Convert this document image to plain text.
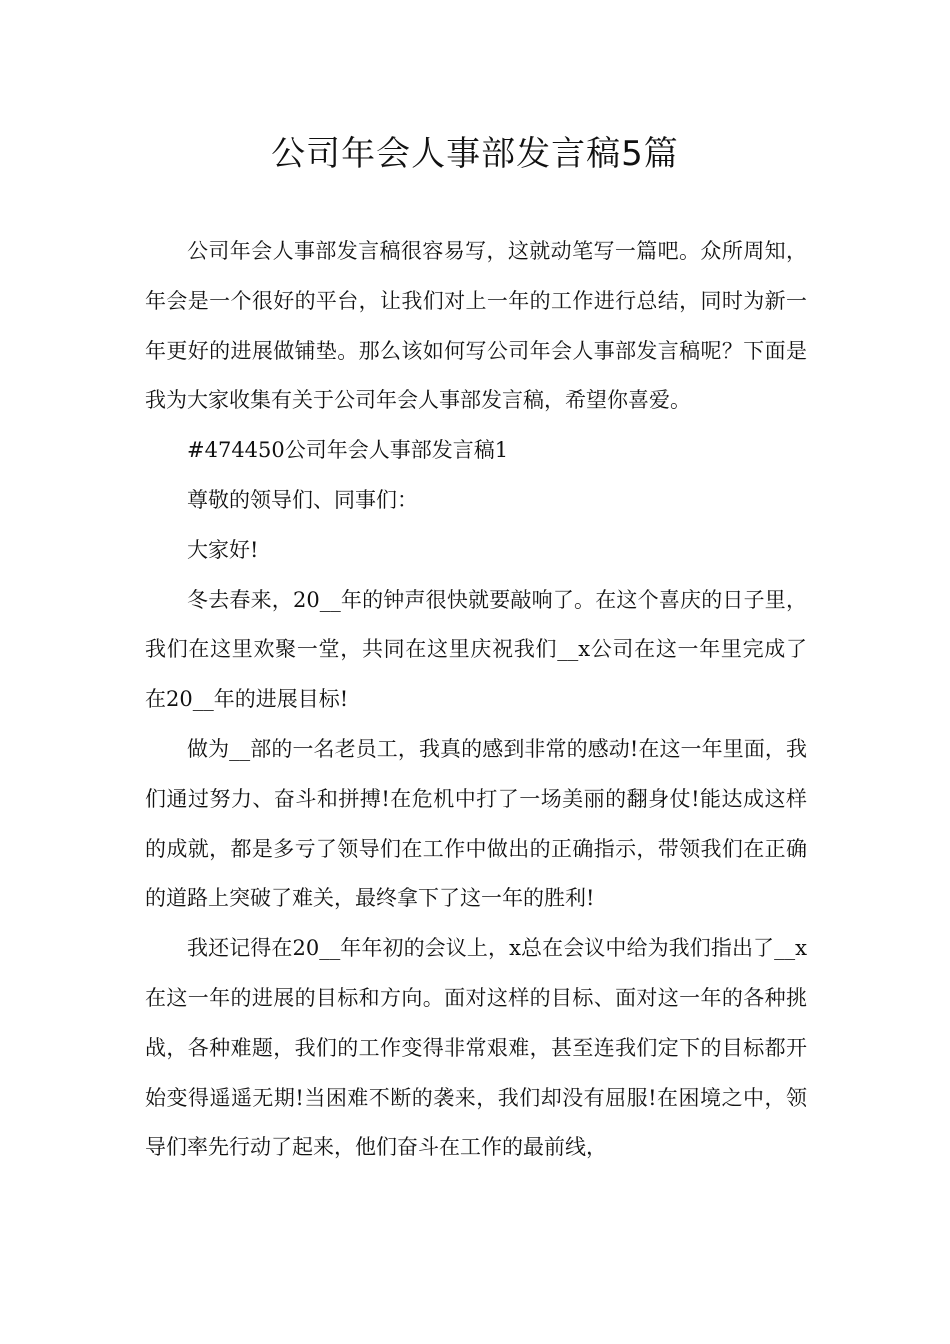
公司年会人事部发言稿5篇

公司年会人事部发言稿很容易写，这就动笔写一篇吧。众所周知，年会是一个很好的平台，让我们对上一年的工作进行总结，同时为新一年更好的进展做铺垫。那么该如何写公司年会人事部发言稿呢？下面是我为大家收集有关于公司年会人事部发言稿，希望你喜爱。

#474450公司年会人事部发言稿1

尊敬的领导们、同事们：

大家好!

冬去春来，20__年的钟声很快就要敲响了。在这个喜庆的日子里，我们在这里欢聚一堂，共同在这里庆祝我们__x公司在这一年里完成了在20__年的进展目标!

做为__部的一名老员工，我真的感到非常的感动!在这一年里面，我们通过努力、奋斗和拼搏!在危机中打了一场美丽的翻身仗!能达成这样的成就，都是多亏了领导们在工作中做出的正确指示，带领我们在正确的道路上突破了难关，最终拿下了这一年的胜利!

我还记得在20__年年初的会议上，x总在会议中给为我们指出了__x在这一年的进展的目标和方向。面对这样的目标、面对这一年的各种挑战，各种难题，我们的工作变得非常艰难，甚至连我们定下的目标都开始变得遥遥无期!当困难不断的袭来，我们却没有屈服!在困境之中，领导们率先行动了起来，他们奋斗在工作的最前线，
